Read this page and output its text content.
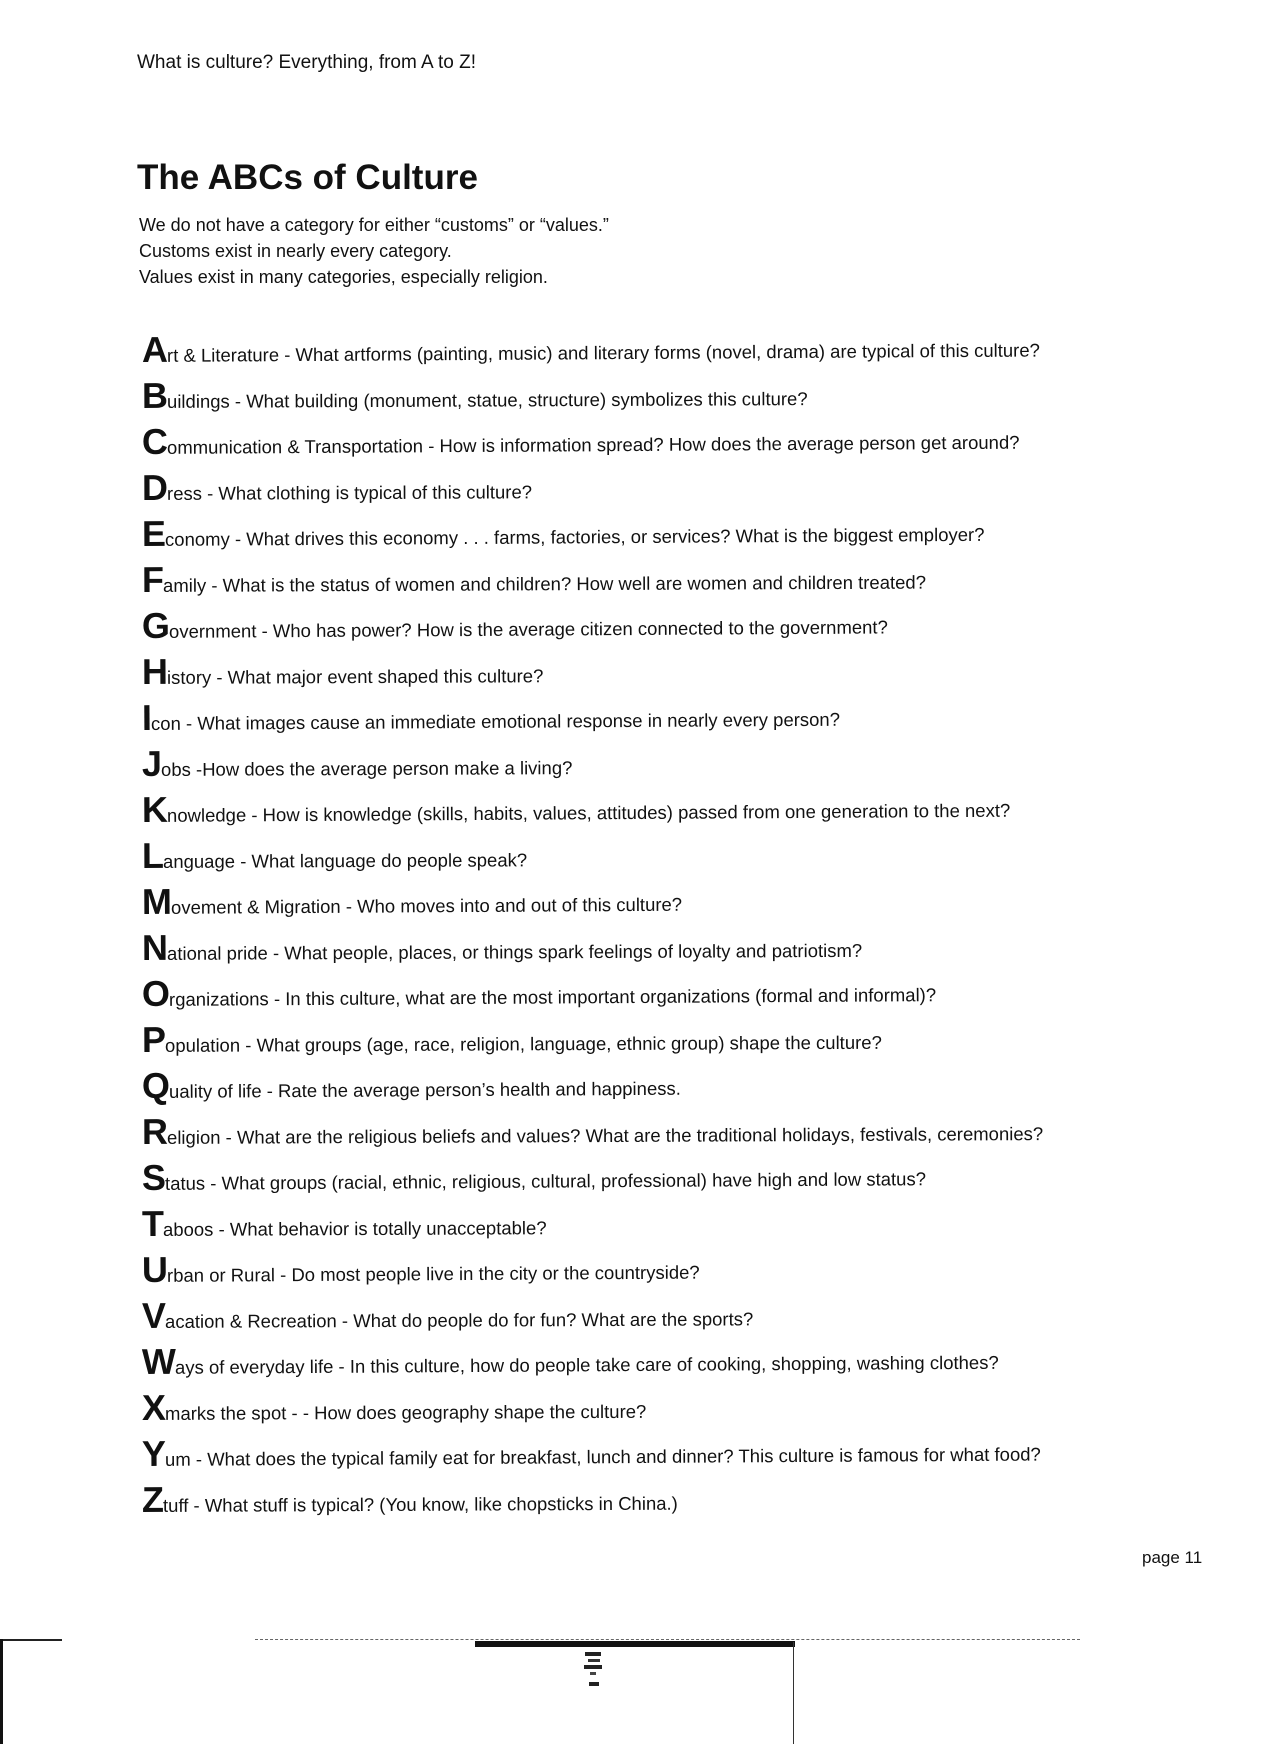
What is culture? Everything, from A to Z!
The ABCs of Culture
We do not have a category for either “customs” or “values.”
Customs exist in nearly every category.
Values exist in many categories, especially religion.
A rt & Literature - What artforms (painting, music) and literary forms (novel, drama) are typical of this culture?
B uildings - What building (monument, statue, structure) symbolizes this culture?
C ommunication & Transportation - How is information spread? How does the average person get around?
D ress - What clothing is typical of this culture?
E conomy - What drives this economy . . . farms, factories, or services? What is the biggest employer?
F amily - What is the status of women and children? How well are women and children treated?
G overnment - Who has power? How is the average citizen connected to the government?
H istory - What major event shaped this culture?
I con - What images cause an immediate emotional response in nearly every person?
J obs -How does the average person make a living?
K nowledge - How is knowledge (skills, habits, values, attitudes) passed from one generation to the next?
L anguage - What language do people speak?
M ovement & Migration - Who moves into and out of this culture?
N ational pride - What people, places, or things spark feelings of loyalty and patriotism?
O rganizations - In this culture, what are the most important organizations (formal and informal)?
P opulation - What groups (age, race, religion, language, ethnic group) shape the culture?
Q uality of life - Rate the average person’s health and happiness.
R eligion - What are the religious beliefs and values? What are the traditional holidays, festivals, ceremonies?
S tatus - What groups (racial, ethnic, religious, cultural, professional) have high and low status?
T aboos - What behavior is totally unacceptable?
U rban or Rural - Do most people live in the city or the countryside?
V acation & Recreation - What do people do for fun? What are the sports?
W ays of everyday life - In this culture, how do people take care of cooking, shopping, washing clothes?
X marks the spot - - How does geography shape the culture?
Y um - What does the typical family eat for breakfast, lunch and dinner? This culture is famous for what food?
Z tuff - What stuff is typical? (You know, like chopsticks in China.)
page 11
